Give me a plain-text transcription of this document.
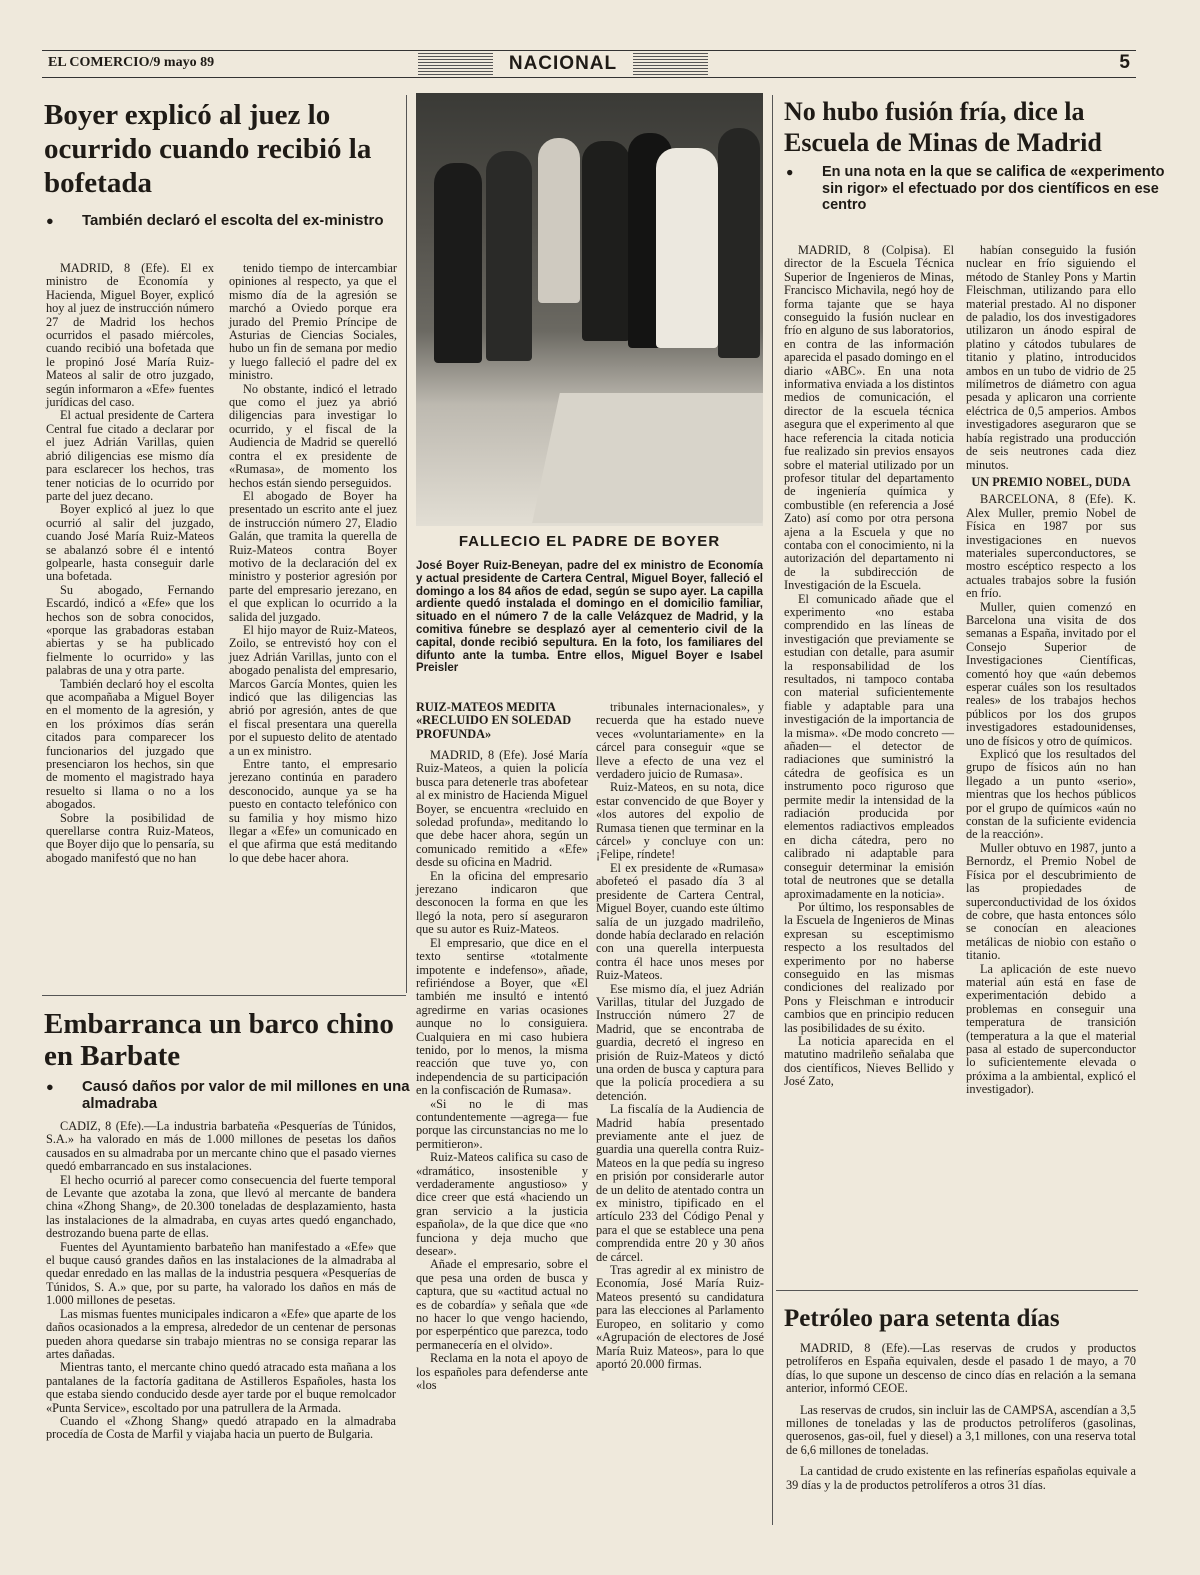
EL COMERCIO/9 mayo 89	NACIONAL	5
Boyer explicó al juez lo ocurrido cuando recibió la bofetada

● También declaró el escolta del ex-ministro

MADRID, 8 (Efe). El ex ministro de Economía y Hacienda, Miguel Boyer, explicó hoy al juez de instrucción número 27 de Madrid los hechos ocurridos el pasado miércoles, cuando recibió una bofetada que le propinó José María Ruiz-Mateos al salir de otro juzgado, según informaron a «Efe» fuentes jurídicas del caso.

El actual presidente de Cartera Central fue citado a declarar por el juez Adrián Varillas, quien abrió diligencias ese mismo día para esclarecer los hechos, tras tener noticias de lo ocurrido por parte del juez decano.

Boyer explicó al juez lo que ocurrió al salir del juzgado, cuando José María Ruiz-Mateos se abalanzó sobre él e intentó golpearle, hasta conseguir darle una bofetada.

Su abogado, Fernando Escardó, indicó a «Efe» que los hechos son de sobra conocidos, «porque las grabadoras estaban abiertas y se ha publicado fielmente lo ocurrido» y las palabras de una y otra parte.

También declaró hoy el escolta que acompañaba a Miguel Boyer en el momento de la agresión, y en los próximos días serán citados para comparecer los funcionarios del juzgado que presenciaron los hechos, sin que de momento el magistrado haya resuelto si llama o no a los abogados.

Sobre la posibilidad de querellarse contra Ruiz-Mateos, que Boyer dijo que lo pensaría, su abogado manifestó que no han

tenido tiempo de intercambiar opiniones al respecto, ya que el mismo día de la agresión se marchó a Oviedo porque era jurado del Premio Príncipe de Asturias de Ciencias Sociales, hubo un fin de semana por medio y luego falleció el padre del ex ministro.

No obstante, indicó el letrado que como el juez ya abrió diligencias para investigar lo ocurrido, y el fiscal de la Audiencia de Madrid se querelló contra el ex presidente de «Rumasa», de momento los hechos están siendo perseguidos.

El abogado de Boyer ha presentado un escrito ante el juez de instrucción número 27, Eladio Galán, que tramita la querella de Ruiz-Mateos contra Boyer motivo de la declaración del ex ministro y posterior agresión por parte del empresario jerezano, en el que explican lo ocurrido a la salida del juzgado.

El hijo mayor de Ruiz-Mateos, Zoilo, se entrevistó hoy con el juez Adrián Varillas, junto con el abogado penalista del empresario, Marcos García Montes, quien les indicó que las diligencias las abrió por agresión, antes de que el fiscal presentara una querella por el supuesto delito de atentado a un ex ministro.

Entre tanto, el empresario jerezano continúa en paradero desconocido, aunque ya se ha puesto en contacto telefónico con su familia y hoy mismo hizo llegar a «Efe» un comunicado en el que afirma que está meditando lo que debe hacer ahora.

FALLECIO EL PADRE DE BOYER
José Boyer Ruiz-Beneyan, padre del ex ministro de Economía y actual presidente de Cartera Central, Miguel Boyer, falleció el domingo a los 84 años de edad, según se supo ayer. La capilla ardiente quedó instalada el domingo en el domicilio familiar, situado en el número 7 de la calle Velázquez de Madrid, y la comitiva fúnebre se desplazó ayer al cementerio civil de la capital, donde recibió sepultura. En la foto, los familiares del difunto ante la tumba. Entre ellos, Miguel Boyer e Isabel Preisler
RUIZ-MATEOS MEDITA «RECLUIDO EN SOLEDAD PROFUNDA»

MADRID, 8 (Efe). José María Ruiz-Mateos, a quien la policía busca para detenerle tras abofetear al ex ministro de Hacienda Miguel Boyer, se encuentra «recluido en soledad profunda», meditando lo que debe hacer ahora, según un comunicado remitido a «Efe» desde su oficina en Madrid.

En la oficina del empresario jerezano indicaron que desconocen la forma en que les llegó la nota, pero sí aseguraron que su autor es Ruiz-Mateos.

El empresario, que dice en el texto sentirse «totalmente impotente e indefenso», añade, refiriéndose a Boyer, que «El también me insultó e intentó agredirme en varias ocasiones aunque no lo consiguiera. Cualquiera en mi caso hubiera tenido, por lo menos, la misma reacción que tuve yo, con independencia de su participación en la confiscación de Rumasa».

«Si no le di mas contundentemente —agrega— fue porque las circunstancias no me lo permitieron».

Ruiz-Mateos califica su caso de «dramático, insostenible y verdaderamente angustioso» y dice creer que está «haciendo un gran servicio a la justicia española», de la que dice que «no funciona y deja mucho que desear».

Añade el empresario, sobre el que pesa una orden de busca y captura, que su «actitud actual no es de cobardía» y señala que «de no hacer lo que vengo haciendo, por esperpéntico que parezca, todo permanecería en el olvido».

Reclama en la nota el apoyo de los españoles para defenderse ante «los

tribunales internacionales», y recuerda que ha estado nueve veces «voluntariamente» en la cárcel para conseguir «que se lleve a efecto de una vez el verdadero juicio de Rumasa».

Ruiz-Mateos, en su nota, dice estar convencido de que Boyer y «los autores del expolio de Rumasa tienen que terminar en la cárcel» y concluye con un: ¡Felipe, ríndete!

El ex presidente de «Rumasa» abofeteó el pasado día 3 al presidente de Cartera Central, Miguel Boyer, cuando este último salía de un juzgado madrileño, donde había declarado en relación con una querella interpuesta contra él hace unos meses por Ruiz-Mateos.

Ese mismo día, el juez Adrián Varillas, titular del Juzgado de Instrucción número 27 de Madrid, que se encontraba de guardia, decretó el ingreso en prisión de Ruiz-Mateos y dictó una orden de busca y captura para que la policía procediera a su detención.

La fiscalía de la Audiencia de Madrid había presentado previamente ante el juez de guardia una querella contra Ruiz-Mateos en la que pedía su ingreso en prisión por considerarle autor de un delito de atentado contra un ex ministro, tipificado en el artículo 233 del Código Penal y para el que se establece una pena comprendida entre 20 y 30 años de cárcel.

Tras agredir al ex ministro de Economía, José María Ruiz-Mateos presentó su candidatura para las elecciones al Parlamento Europeo, en solitario y como «Agrupación de electores de José María Ruiz Mateos», para lo que aportó 20.000 firmas.

Embarranca un barco chino en Barbate

● Causó daños por valor de mil millones en una almadraba

CADIZ, 8 (Efe).—La industria barbateña «Pesquerías de Túnidos, S.A.» ha valorado en más de 1.000 millones de pesetas los daños causados en su almadraba por un mercante chino que el pasado viernes quedó embarrancado en sus instalaciones.

El hecho ocurrió al parecer como consecuencia del fuerte temporal de Levante que azotaba la zona, que llevó al mercante de bandera china «Zhong Shang», de 20.300 toneladas de desplazamiento, hasta las instalaciones de la almadraba, en cuyas artes quedó enganchado, destrozando buena parte de ellas.

Fuentes del Ayuntamiento barbateño han manifestado a «Efe» que el buque causó grandes daños en las instalaciones de la almadraba al quedar enredado en las mallas de la industria pesquera «Pesquerías de Túnidos, S. A.» que, por su parte, ha valorado los daños en más de 1.000 millones de pesetas.

Las mismas fuentes municipales indicaron a «Efe» que aparte de los daños ocasionados a la empresa, alrededor de un centenar de personas pueden ahora quedarse sin trabajo mientras no se consiga reparar las artes dañadas.

Mientras tanto, el mercante chino quedó atracado esta mañana a los pantalanes de la factoría gaditana de Astilleros Españoles, hasta los que estaba siendo conducido desde ayer tarde por el buque remolcador «Punta Service», escoltado por una patrullera de la Armada.

Cuando el «Zhong Shang» quedó atrapado en la almadraba procedía de Costa de Marfil y viajaba hacia un puerto de Bulgaria.

No hubo fusión fría, dice la Escuela de Minas de Madrid

● En una nota en la que se califica de «experimento sin rigor» el efectuado por dos científicos en ese centro

MADRID, 8 (Colpisa). El director de la Escuela Técnica Superior de Ingenieros de Minas, Francisco Michavila, negó hoy de forma tajante que se haya conseguido la fusión nuclear en frío en alguno de sus laboratorios, en contra de las información aparecida el pasado domingo en el diario «ABC». En una nota informativa enviada a los distintos medios de comunicación, el director de la escuela técnica asegura que el experimento al que hace referencia la citada noticia fue realizado sin previos ensayos sobre el material utilizado por un profesor titular del departamento de ingeniería química y combustible (en referencia a José Zato) así como por otra persona ajena a la Escuela y que no contaba con el conocimiento, ni la autorización del departamento ni de la subdirección de Investigación de la Escuela.

El comunicado añade que el experimento «no estaba comprendido en las líneas de investigación que previamente se estudian con detalle, para asumir la responsabilidad de los resultados, ni tampoco contaba con material suficientemente fiable y adaptable para una investigación de la importancia de la misma». «De modo concreto —añaden— el detector de radiaciones que suministró la cátedra de geofísica es un instrumento poco riguroso que permite medir la intensidad de la radiación producida por elementos radiactivos empleados en dicha cátedra, pero no calibrado ni adaptable para conseguir determinar la emisión total de neutrones que se detalla aproximadamente en la noticia».

Por último, los responsables de la Escuela de Ingenieros de Minas expresan su esceptimismo respecto a los resultados del experimento por no haberse conseguido en las mismas condiciones del realizado por Pons y Fleischman e introducir cambios que en principio reducen las posibilidades de su éxito.

La noticia aparecida en el matutino madrileño señalaba que dos científicos, Nieves Bellido y José Zato,

habían conseguido la fusión nuclear en frío siguiendo el método de Stanley Pons y Martin Fleischman, utilizando para ello material prestado. Al no disponer de paladio, los dos investigadores utilizaron un ánodo espiral de platino y cátodos tubulares de titanio y platino, introducidos ambos en un tubo de vidrio de 25 milímetros de diámetro con agua pesada y aplicaron una corriente eléctrica de 0,5 amperios. Ambos investigadores aseguraron que se había registrado una producción de seis neutrones cada diez minutos.

UN PREMIO NOBEL, DUDA

BARCELONA, 8 (Efe). K. Alex Muller, premio Nobel de Física en 1987 por sus investigaciones en nuevos materiales superconductores, se mostro escéptico respecto a los actuales trabajos sobre la fusión en frío.

Muller, quien comenzó en Barcelona una visita de dos semanas a España, invitado por el Consejo Superior de Investigaciones Científicas, comentó hoy que «aún debemos esperar cuáles son los resultados reales» de los trabajos hechos públicos por los dos grupos investigadores estadounidenses, uno de físicos y otro de químicos.

Explicó que los resultados del grupo de físicos aún no han llegado a un punto «serio», mientras que los hechos públicos por el grupo de químicos «aún no constan de la suficiente evidencia de la reacción».

Muller obtuvo en 1987, junto a Bernordz, el Premio Nobel de Física por el descubrimiento de las propiedades de superconductividad de los óxidos de cobre, que hasta entonces sólo se conocían en aleaciones metálicas de niobio con estaño o titanio.

La aplicación de este nuevo material aún está en fase de experimentación debido a problemas en conseguir una temperatura de transición (temperatura a la que el material pasa al estado de superconductor lo suficientemente elevada o próxima a la ambiental, explicó el investigador).

Petróleo para setenta días

MADRID, 8 (Efe).—Las reservas de crudos y productos petrolíferos en España equivalen, desde el pasado 1 de mayo, a 70 días, lo que supone un descenso de cinco días en relación a la semana anterior, informó CEOE.

Las reservas de crudos, sin incluir las de CAMPSA, ascendían a 3,5 millones de toneladas y las de productos petrolíferos (gasolinas, querosenos, gas-oil, fuel y diesel) a 3,1 millones, con una reserva total de 6,6 millones de toneladas.

La cantidad de crudo existente en las refinerías españolas equivale a 39 días y la de productos petrolíferos a otros 31 días.
